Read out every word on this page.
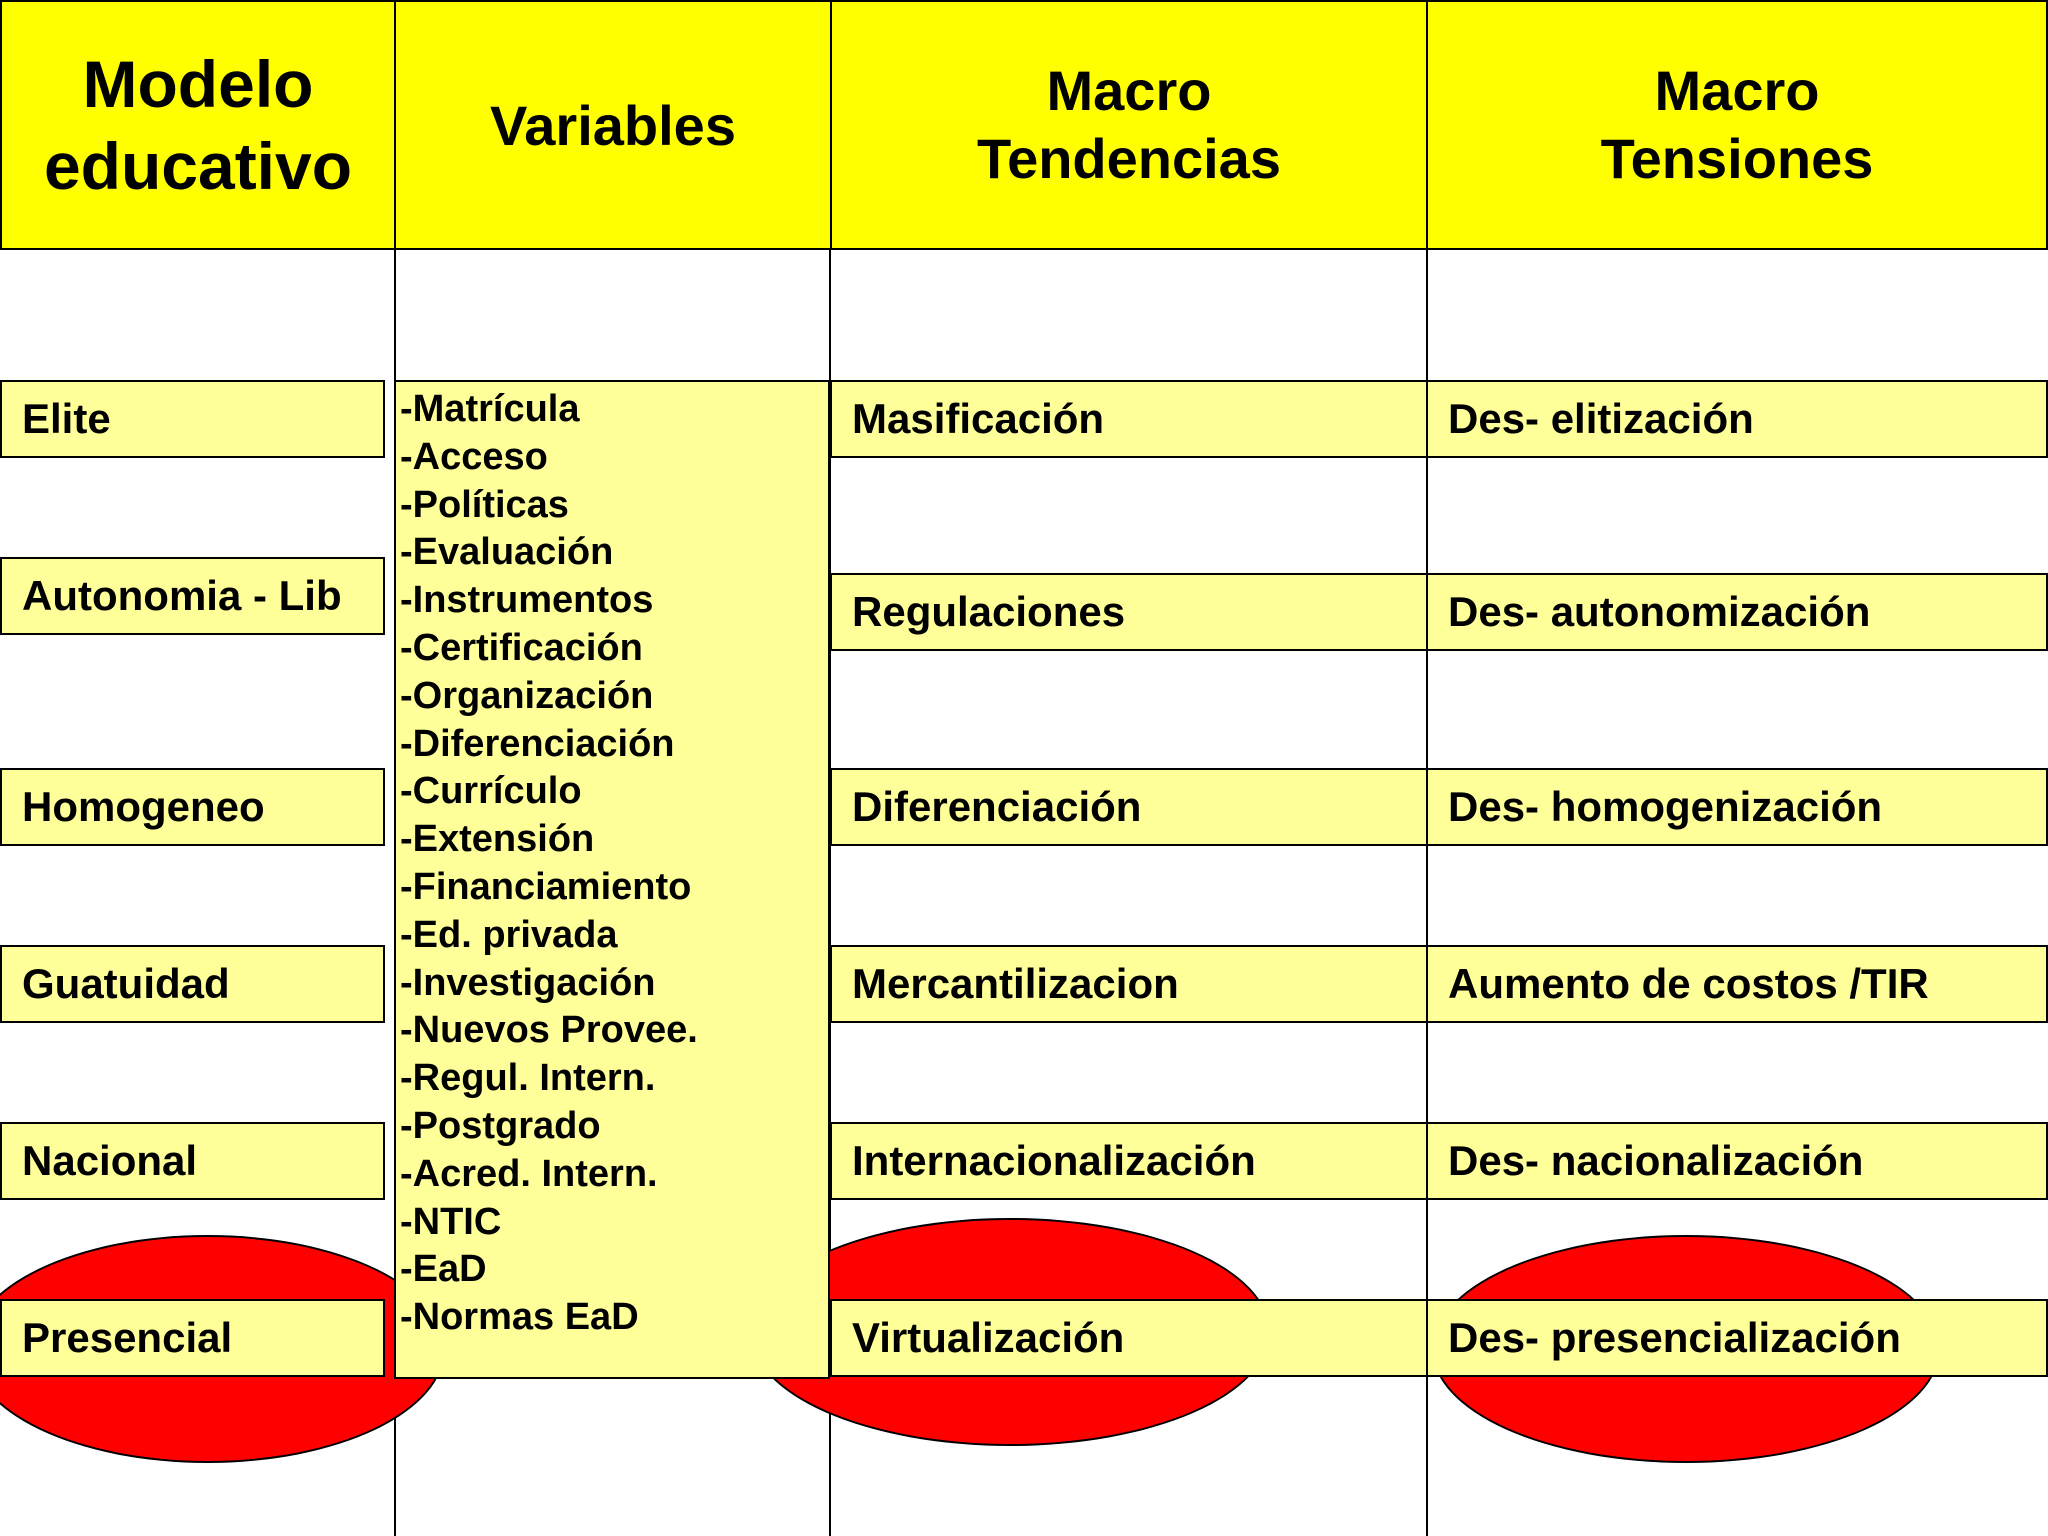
Modelo
educativo
Variables
Macro
Tendencias
Macro
Tensiones
Elite
Autonomia - Lib
Homogeneo
Guatuidad
Nacional
Presencial
-Matrícula
-Acceso
-Políticas
-Evaluación
-Instrumentos
-Certificación
-Organización
-Diferenciación
-Currículo
-Extensión
-Financiamiento
-Ed. privada
-Investigación
-Nuevos Provee.
-Regul. Intern.
-Postgrado
-Acred. Intern.
-NTIC
-EaD
-Normas EaD
Masificación
Regulaciones
Diferenciación
Mercantilizacion
Internacionalización
Virtualización
Des- elitización
Des- autonomización
Des- homogenización
Aumento de costos /TIR
Des- nacionalización
Des- presencialización
